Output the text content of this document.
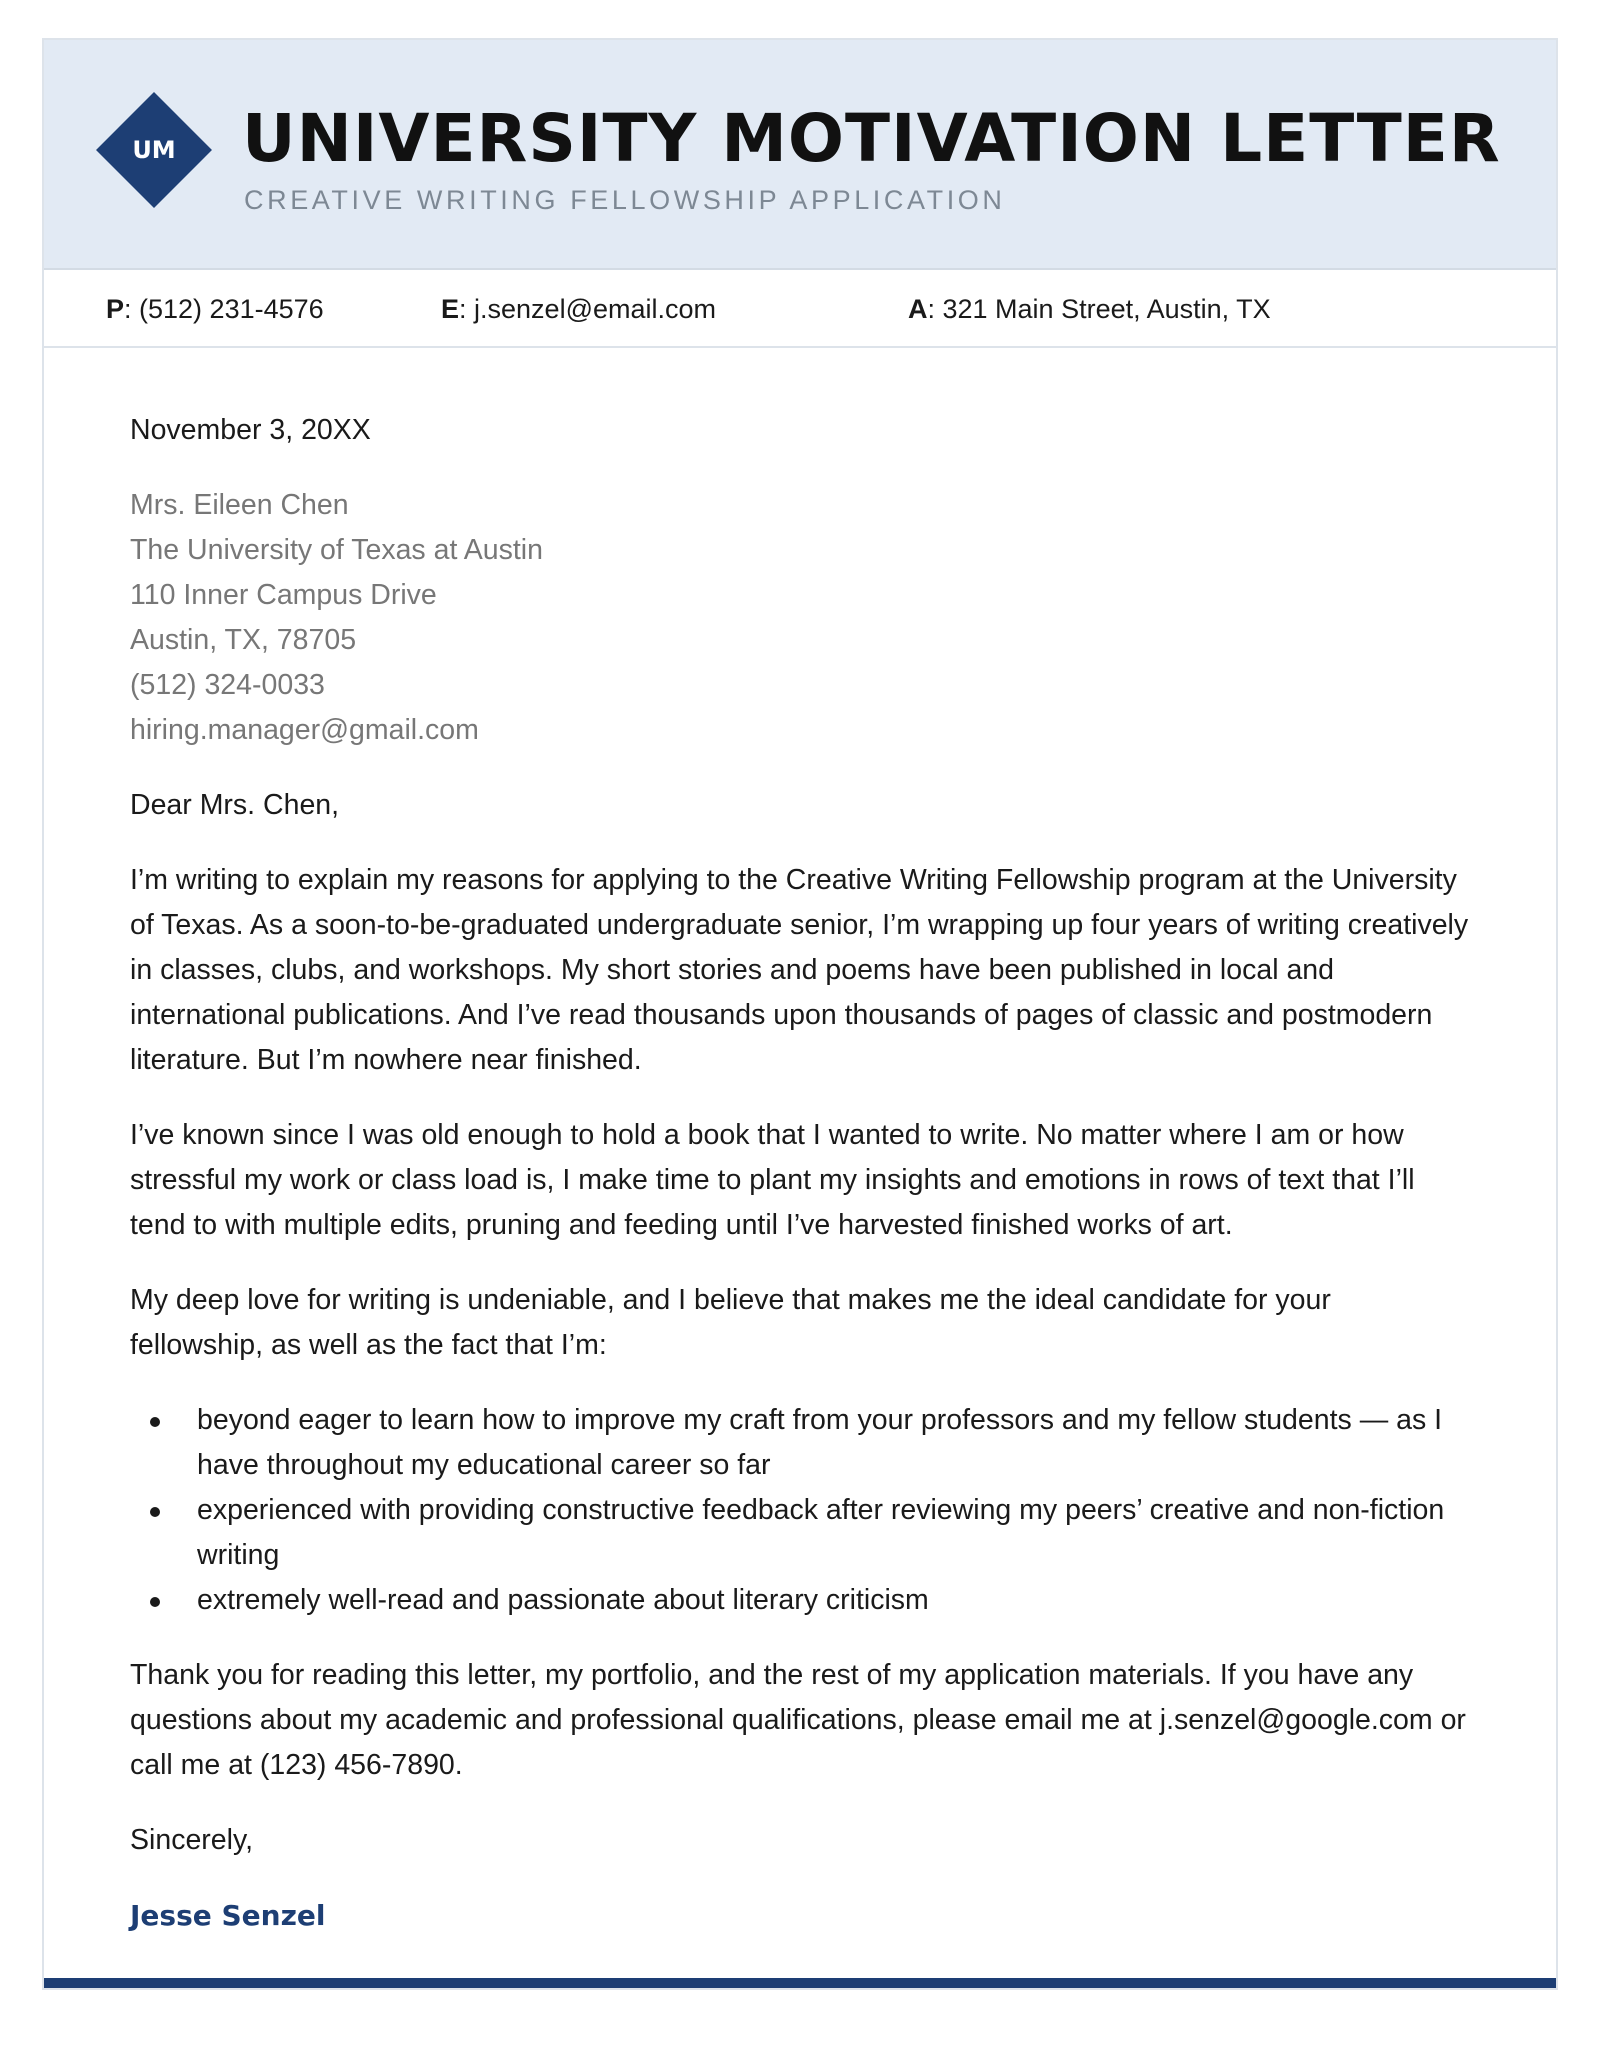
UM UNIVERSITY MOTIVATION LETTER
CREATIVE WRITING FELLOWSHIP APPLICATION
P: (512) 231-4576	E: j.senzel@email.com	A: 321 Main Street, Austin, TX
November 3, 20XX
Mrs. Eileen Chen
The University of Texas at Austin
110 Inner Campus Drive
Austin, TX, 78705
(512) 324-0033
hiring.manager@gmail.com
Dear Mrs. Chen,

I’m writing to explain my reasons for applying to the Creative Writing Fellowship program at the University of Texas. As a soon-to-be-graduated undergraduate senior, I’m wrapping up four years of writing creatively in classes, clubs, and workshops. My short stories and poems have been published in local and international publications. And I’ve read thousands upon thousands of pages of classic and postmodern literature. But I’m nowhere near finished.

I’ve known since I was old enough to hold a book that I wanted to write. No matter where I am or how stressful my work or class load is, I make time to plant my insights and emotions in rows of text that I’ll tend to with multiple edits, pruning and feeding until I’ve harvested finished works of art.

My deep love for writing is undeniable, and I believe that makes me the ideal candidate for your fellowship, as well as the fact that I’m:

beyond eager to learn how to improve my craft from your professors and my fellow students — as I have throughout my educational career so far
experienced with providing constructive feedback after reviewing my peers’ creative and non-fiction writing
extremely well-read and passionate about literary criticism

Thank you for reading this letter, my portfolio, and the rest of my application materials. If you have any questions about my academic and professional qualifications, please email me at j.senzel@google.com or call me at (123) 456-7890.

Sincerely,
Jesse Senzel
